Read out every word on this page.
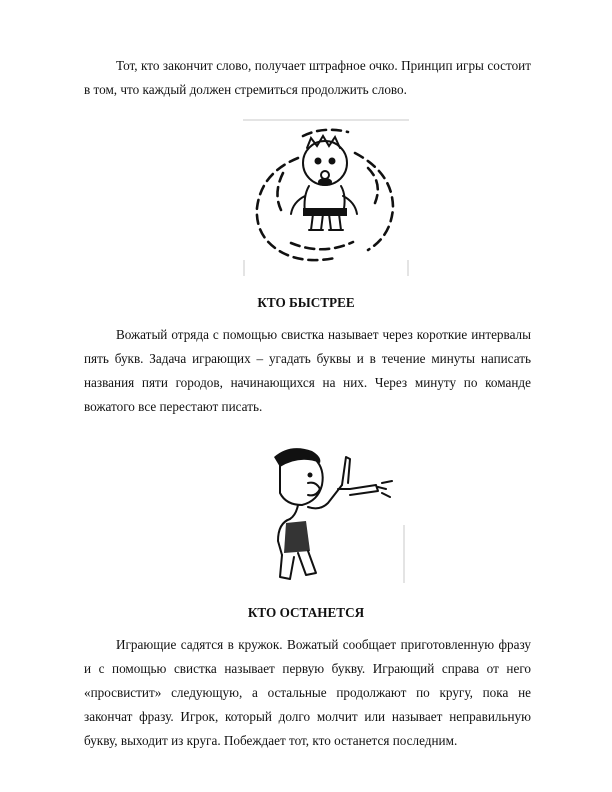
Тот, кто закончит слово, получает штрафное очко. Принцип игры состоит в том, что каждый должен стремиться продолжить слово.

КТО БЫСТРЕЕ

Вожатый отряда с помощью свистка называет через короткие интервалы пять букв. Задача играющих – угадать буквы и в течение минуты написать названия пяти городов, начинающихся на них. Через минуту по команде вожатого все перестают писать.

КТО ОСТАНЕТСЯ

Играющие садятся в кружок. Вожатый сообщает приготовленную фразу и с помощью свистка называет первую букву. Играющий справа от него «просвистит» следующую, а остальные продолжают по кругу, пока не закончат фразу. Игрок, который долго молчит или называет неправильную букву, выходит из круга. Побеждает тот, кто останется последним.
